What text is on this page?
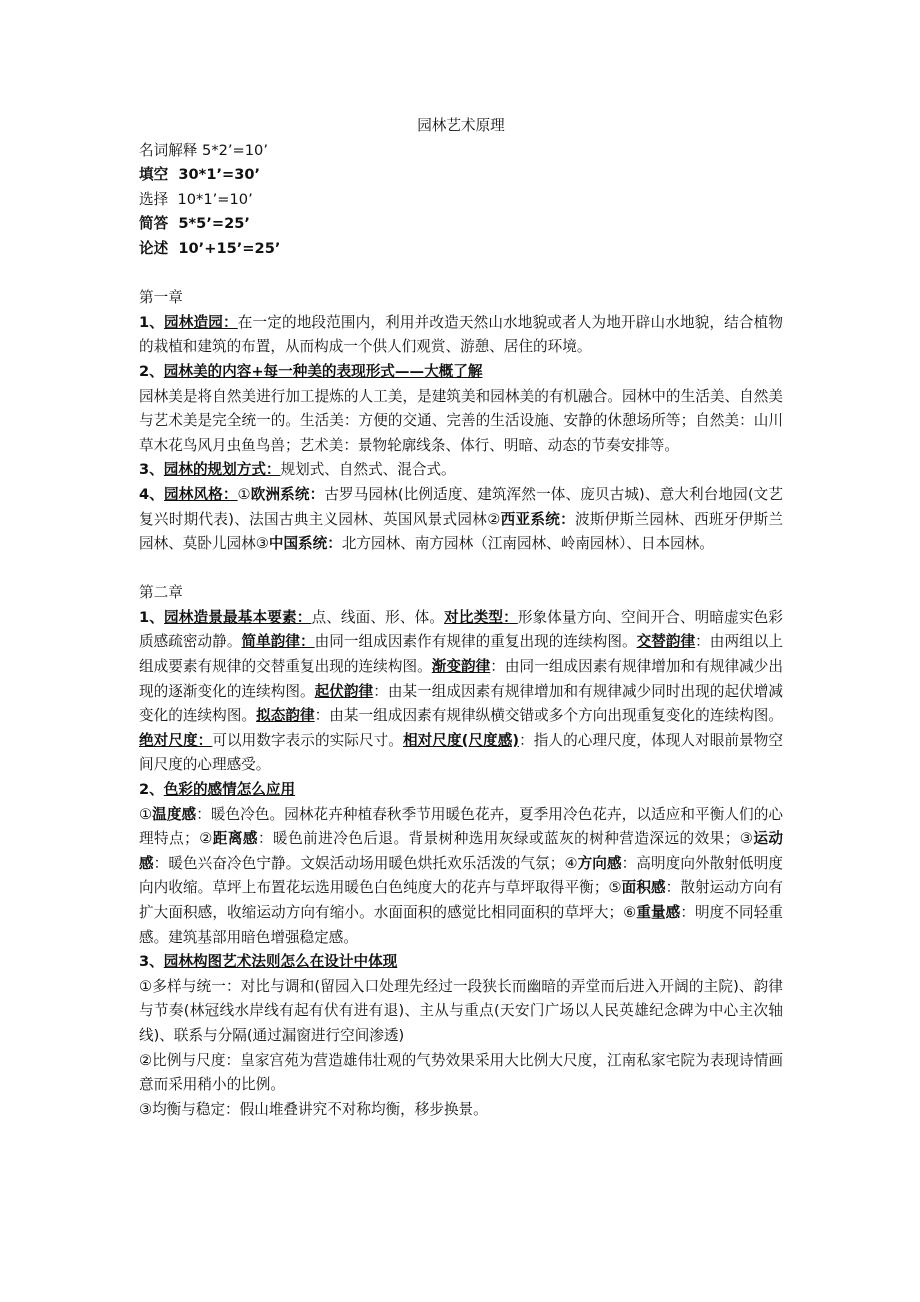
园林艺术原理

名词解释 5*2’=10’

填空 30*1’=30’

选择 10*1’=10’

简答 5*5’=25’

论述 10’+15’=25’

第一章

1、园林造园：在一定的地段范围内，利用并改造天然山水地貌或者人为地开辟山水地貌，结合植物的栽植和建筑的布置，从而构成一个供人们观赏、游憩、居住的环境。

2、园林美的内容+每一种美的表现形式——大概了解

园林美是将自然美进行加工提炼的人工美，是建筑美和园林美的有机融合。园林中的生活美、自然美与艺术美是完全统一的。生活美：方便的交通、完善的生活设施、安静的休憩场所等；自然美：山川草木花鸟风月虫鱼鸟兽；艺术美：景物轮廓线条、体行、明暗、动态的节奏安排等。

3、园林的规划方式：规划式、自然式、混合式。

4、园林风格：①欧洲系统：古罗马园林(比例适度、建筑浑然一体、庞贝古城)、意大利台地园(文艺复兴时期代表)、法国古典主义园林、英国风景式园林②西亚系统：波斯伊斯兰园林、西班牙伊斯兰园林、莫卧儿园林③中国系统：北方园林、南方园林（江南园林、岭南园林）、日本园林。

第二章

1、园林造景最基本要素：点、线面、形、体。对比类型：形象体量方向、空间开合、明暗虚实色彩质感疏密动静。简单韵律：由同一组成因素作有规律的重复出现的连续构图。交替韵律：由两组以上组成要素有规律的交替重复出现的连续构图。渐变韵律：由同一组成因素有规律增加和有规律减少出现的逐渐变化的连续构图。起伏韵律：由某一组成因素有规律增加和有规律减少同时出现的起伏增减变化的连续构图。拟态韵律：由某一组成因素有规律纵横交错或多个方向出现重复变化的连续构图。绝对尺度：可以用数字表示的实际尺寸。相对尺度(尺度感)：指人的心理尺度，体现人对眼前景物空间尺度的心理感受。

2、色彩的感情怎么应用

①温度感：暖色冷色。园林花卉种植春秋季节用暖色花卉，夏季用冷色花卉，以适应和平衡人们的心理特点；②距离感：暖色前进冷色后退。背景树种选用灰绿或蓝灰的树种营造深远的效果；③运动感：暖色兴奋冷色宁静。文娱活动场用暖色烘托欢乐活泼的气氛；④方向感：高明度向外散射低明度向内收缩。草坪上布置花坛选用暖色白色纯度大的花卉与草坪取得平衡；⑤面积感：散射运动方向有扩大面积感，收缩运动方向有缩小。水面面积的感觉比相同面积的草坪大；⑥重量感：明度不同轻重感。建筑基部用暗色增强稳定感。

3、园林构图艺术法则怎么在设计中体现

①多样与统一：对比与调和(留园入口处理先经过一段狭长而幽暗的弄堂而后进入开阔的主院)、韵律与节奏(林冠线水岸线有起有伏有进有退)、主从与重点(天安门广场以人民英雄纪念碑为中心主次轴线)、联系与分隔(通过漏窗进行空间渗透)

②比例与尺度：皇家宫苑为营造雄伟壮观的气势效果采用大比例大尺度，江南私家宅院为表现诗情画意而采用稍小的比例。

③均衡与稳定：假山堆叠讲究不对称均衡，移步换景。
